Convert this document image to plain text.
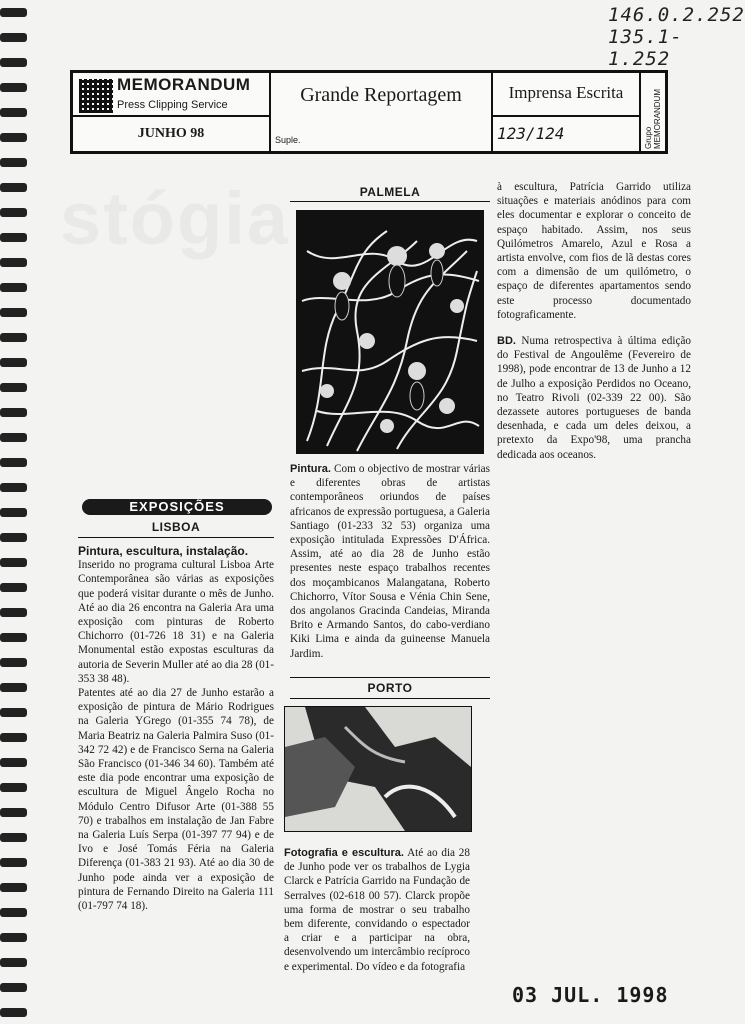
146.0.2.252
135.1-1.252
stógia
MEMORANDUM
Press Clipping Service
JUNHO 98
Grande Reportagem
Suple.
Imprensa Escrita
123/124	Grupo MEMORANDUM
EXPOSIÇÕES
LISBOA

Pintura, escultura, instalação.

Inserido no programa cultural Lisboa Arte Contemporânea são várias as exposições que poderá visitar durante o mês de Junho. Até ao dia 26 encontra na Galeria Ara uma exposição com pinturas de Roberto Chichorro (01-726 18 31) e na Galeria Monumental estão expostas esculturas da autoria de Severin Muller até ao dia 28 (01-353 38 48).

Patentes até ao dia 27 de Junho estarão a exposição de pintura de Mário Rodrigues na Galeria YGrego (01-355 74 78), de Maria Beatriz na Galeria Palmira Suso (01-342 72 42) e de Francisco Serna na Galeria São Francisco (01-346 34 60). Também até este dia pode encontrar uma exposição de escultura de Miguel Ângelo Rocha no Módulo Centro Difusor Arte (01-388 55 70) e trabalhos em instalação de Jan Fabre na Galeria Luís Serpa (01-397 77 94) e de Ivo e José Tomás Féria na Galeria Diferença (01-383 21 93). Até ao dia 30 de Junho pode ainda ver a exposição de pintura de Fernando Direito na Galeria 111 (01-797 74 18).

PALMELA

Pintura. Com o objectivo de mostrar várias e diferentes obras de artistas contemporâneos oriundos de países africanos de expressão portuguesa, a Galeria Santiago (01-233 32 53) organiza uma exposição intitulada Expressões D'África. Assim, até ao dia 28 de Junho estão presentes neste espaço trabalhos recentes dos moçambicanos Malangatana, Roberto Chichorro, Vítor Sousa e Vénia Chin Sene, dos angolanos Gracinda Candeias, Miranda Brito e Armando Santos, do cabo-verdiano Kiki Lima e ainda da guineense Manuela Jardim.

PORTO

Fotografia e escultura. Até ao dia 28 de Junho pode ver os trabalhos de Lygia Clarck e Patrícia Garrido na Fundação de Serralves (02-618 00 57). Clarck propõe uma forma de mostrar o seu trabalho bem diferente, convidando o espectador a criar e a participar na obra, desenvolvendo um intercâmbio recíproco e experimental. Do vídeo e da fotografia

à escultura, Patrícia Garrido utiliza situações e materiais anódinos para com eles documentar e explorar o conceito de espaço habitado. Assim, nos seus Quilómetros Amarelo, Azul e Rosa a artista envolve, com fios de lã destas cores com a dimensão de um quilómetro, o espaço de diferentes apartamentos sendo este processo documentado fotograficamente.

BD. Numa retrospectiva à última edição do Festival de Angoulême (Fevereiro de 1998), pode encontrar de 13 de Junho a 12 de Julho a exposição Perdidos no Oceano, no Teatro Rivoli (02-339 22 00). São dezassete autores portugueses de banda desenhada, e cada um deles deixou, a pretexto da Expo'98, uma prancha dedicada aos oceanos.

03 JUL. 1998
